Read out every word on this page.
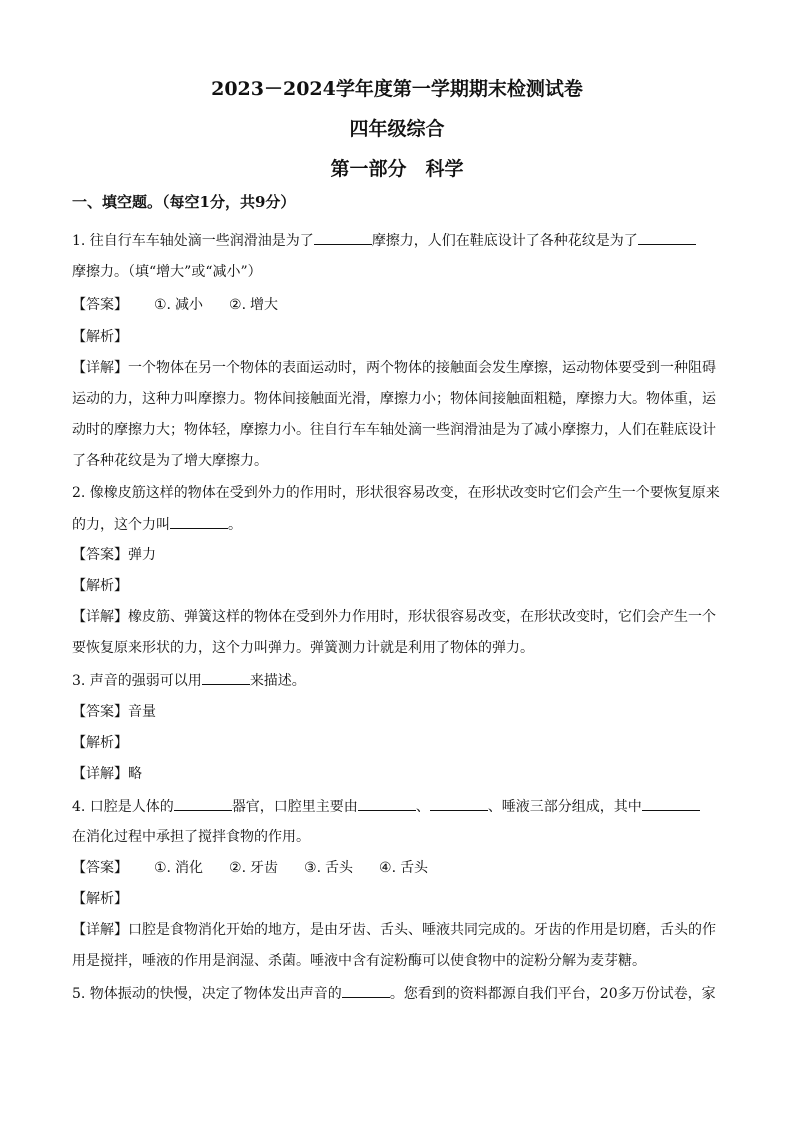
2023－2024学年度第一学期期末检测试卷
四年级综合
第一部分　科学
一、填空题。（每空1分，共9分）
1. 往自行车车轴处滴一些润滑油是为了	摩擦力，人们在鞋底设计了各种花纹是为了
摩擦力。（填“增大”或“减小”）
【答案】 ①. 减小 ②. 增大
【解析】
【详解】一个物体在另一个物体的表面运动时，两个物体的接触面会发生摩擦，运动物体要受到一种阻碍
运动的力，这种力叫摩擦力。物体间接触面光滑，摩擦力小；物体间接触面粗糙，摩擦力大。物体重，运
动时的摩擦力大；物体轻，摩擦力小。往自行车车轴处滴一些润滑油是为了减小摩擦力，人们在鞋底设计
了各种花纹是为了增大摩擦力。
2. 像橡皮筋这样的物体在受到外力的作用时，形状很容易改变，在形状改变时它们会产生一个要恢复原来
的力，这个力叫	。
【答案】弹力
【解析】
【详解】橡皮筋、弹簧这样的物体在受到外力作用时，形状很容易改变，在形状改变时，它们会产生一个
要恢复原来形状的力，这个力叫弹力。弹簧测力计就是利用了物体的弹力。
3. 声音的强弱可以用	来描述。
【答案】音量
【解析】
【详解】略
4. 口腔是人体的	器官，口腔里主要由	、	、唾液三部分组成，其中
在消化过程中承担了搅拌食物的作用。
【答案】 ①. 消化 ②. 牙齿 ③. 舌头 ④. 舌头
【解析】
【详解】口腔是食物消化开始的地方，是由牙齿、舌头、唾液共同完成的。牙齿的作用是切磨，舌头的作
用是搅拌，唾液的作用是润湿、杀菌。唾液中含有淀粉酶可以使食物中的淀粉分解为麦芽糖。
5. 物体振动的快慢，决定了物体发出声音的	。您看到的资料都源自我们平台，20多万份试卷，家
